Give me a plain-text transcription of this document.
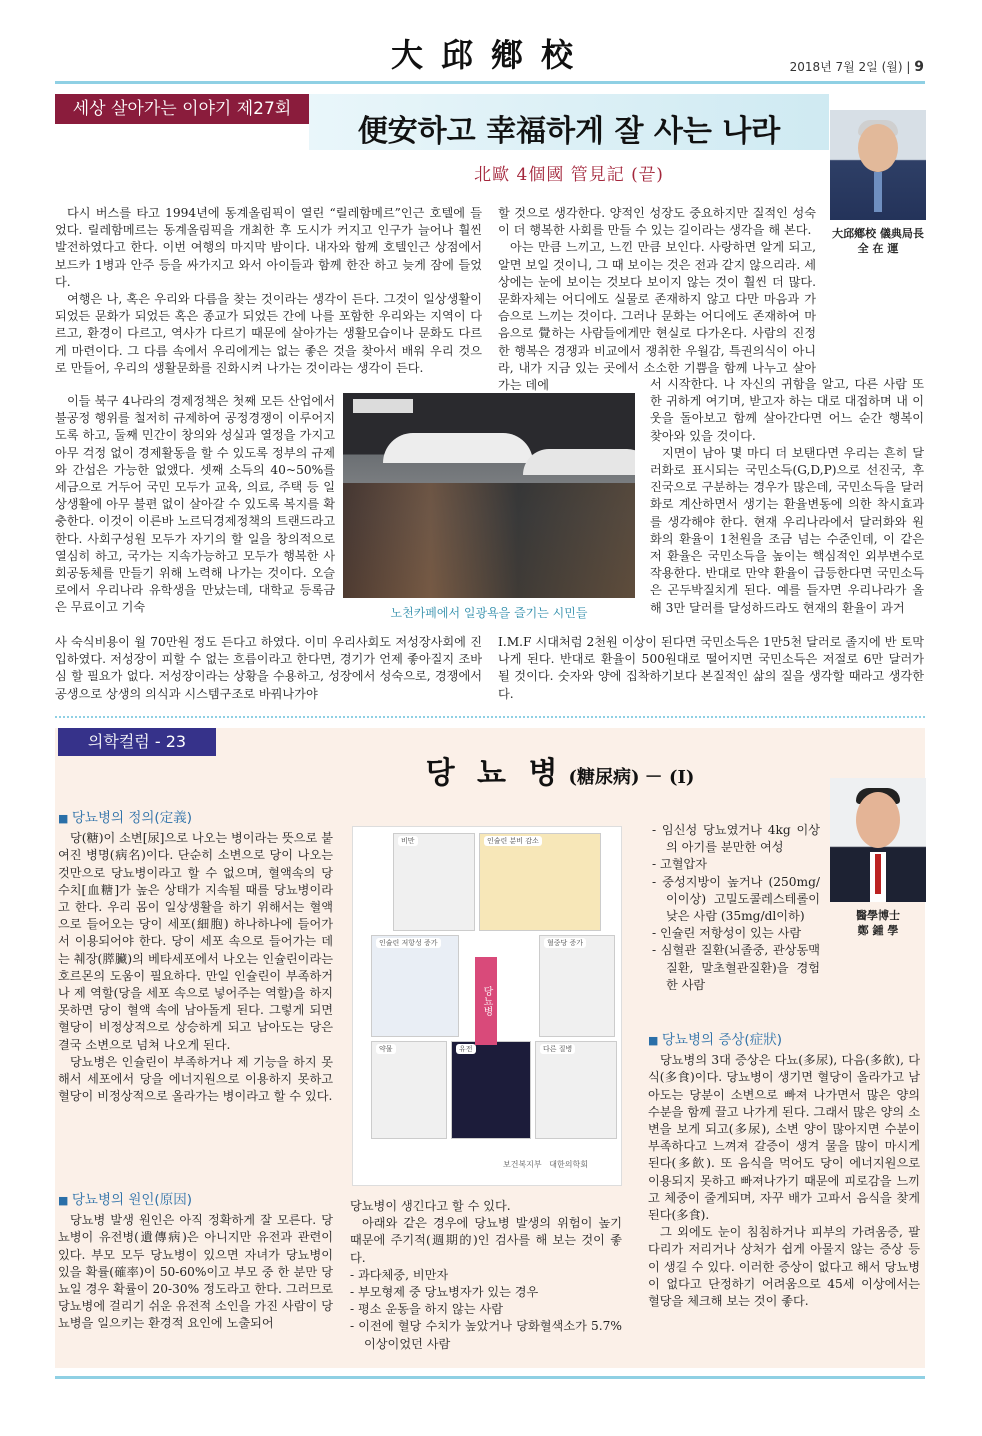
大邱鄕校	2018년 7월 2일 (월) | 9
세상 살아가는 이야기 제27회
便安하고 幸福하게 잘 사는 나라
北歐 4個國 管見記 (끝)
大邱鄕校 儀典局長
全 在 運

다시 버스를 타고 1994년에 동계올림픽이 열린 “릴레함메르”인근 호텔에 들었다. 릴레함메르는 동계올림픽을 개최한 후 도시가 커지고 인구가 늘어나 훨씬 발전하였다고 한다. 이번 여행의 마지막 밤이다. 내자와 함께 호텔인근 상점에서 보드카 1병과 안주 등을 싸가지고 와서 아이들과 함께 한잔 하고 늦게 잠에 들었다.

여행은 나, 혹은 우리와 다름을 찾는 것이라는 생각이 든다. 그것이 일상생활이 되었든 문화가 되었든 혹은 종교가 되었든 간에 나를 포함한 우리와는 지역이 다르고, 환경이 다르고, 역사가 다르기 때문에 살아가는 생활모습이나 문화도 다르게 마련이다. 그 다름 속에서 우리에게는 없는 좋은 것을 찾아서 배워 우리 것으로 만들어, 우리의 생활문화를 진화시켜 나가는 것이라는 생각이 든다.

이들 북구 4나라의 경제정책은 첫째 모든 산업에서 불공정 행위를 철저히 규제하여 공정경쟁이 이루어지도록 하고, 둘째 민간이 창의와 성실과 열정을 가지고 아무 걱정 없이 경제활동을 할 수 있도록 정부의 규제와 간섭은 가능한 없앴다. 셋째 소득의 40~50%를 세금으로 거두어 국민 모두가 교육, 의료, 주택 등 일상생활에 아무 불편 없이 살아갈 수 있도록 복지를 확충한다. 이것이 이른바 노르딕경제정책의 트랜드라고 한다. 사회구성원 모두가 자기의 할 일을 창의적으로 열심히 하고, 국가는 지속가능하고 모두가 행복한 사회공동체를 만들기 위해 노력해 나가는 것이다. 오슬로에서 우리나라 유학생을 만났는데, 대학교 등록금은 무료이고 기숙

사 숙식비용이 월 70만원 정도 든다고 하였다. 이미 우리사회도 저성장사회에 진입하였다. 저성장이 피할 수 없는 흐름이라고 한다면, 경기가 언제 좋아질지 조바심 할 필요가 없다. 저성장이라는 상황을 수용하고, 성장에서 성숙으로, 경쟁에서 공생으로 상생의 의식과 시스템구조로 바꿔나가야

할 것으로 생각한다. 양적인 성장도 중요하지만 질적인 성숙이 더 행복한 사회를 만들 수 있는 길이라는 생각을 해 본다.

아는 만큼 느끼고, 느낀 만큼 보인다. 사랑하면 알게 되고, 알면 보일 것이니, 그 때 보이는 것은 전과 같지 않으리라. 세상에는 눈에 보이는 것보다 보이지 않는 것이 훨씬 더 많다. 문화자체는 어디에도 실물로 존재하지 않고 다만 마음과 가슴으로 느끼는 것이다. 그러나 문화는 어디에도 존재하여 마음으로 覺하는 사람들에게만 현실로 다가온다. 사람의 진정한 행복은 경쟁과 비교에서 쟁취한 우월감, 특권의식이 아니라, 내가 지금 있는 곳에서 소소한 기쁨을 함께 나누고 살아가는 데에	서 시작한다. 나 자신의 귀함을 알고, 다른 사람 또한 귀하게 여기며, 받고자 하는 대로 대접하며 내 이웃을 돌아보고 함께 살아간다면 어느 순간 행복이 찾아와 있을 것이다.

지면이 남아 몇 마디 더 보탠다면 우리는 흔히 달러화로 표시되는 국민소득(G,D,P)으로 선진국, 후진국으로 구분하는 경우가 많은데, 국민소득을 달러화로 계산하면서 생기는 환율변동에 의한 착시효과를 생각해야 한다. 현재 우리나라에서 달러화와 원화의 환율이 1천원을 조금 넘는 수준인데, 이 같은 저 환율은 국민소득을 높이는 핵심적인 외부변수로 작용한다. 반대로 만약 환율이 급등한다면 국민소득은 곤두박질치게 된다. 예를 들자면 우리나라가 올해 3만 달러를 달성하드라도 현재의 환율이 과거

I.M.F 시대처럼 2천원 이상이 된다면 국민소득은 1만5천 달러로 졸지에 반 토막 나게 된다. 반대로 환율이 500원대로 떨어지면 국민소득은 저절로 6만 달러가 될 것이다. 숫자와 양에 집착하기보다 본질적인 삶의 질을 생각할 때라고 생각한다.

노천카페에서 일광욕을 즐기는 시민들
의학컬럼 - 23
당 뇨 병 (糖尿病) － (Ⅰ)
醫學博士
鄭 鍾 學
■ 당뇨병의 정의(定義)

당(糖)이 소변[尿]으로 나오는 병이라는 뜻으로 붙여진 병명(病名)이다. 단순히 소변으로 당이 나오는 것만으로 당뇨병이라고 할 수 없으며, 혈액속의 당 수치[血糖]가 높은 상태가 지속될 때를 당뇨병이라고 한다. 우리 몸이 일상생활을 하기 위해서는 혈액으로 들어오는 당이 세포(細胞) 하나하나에 들어가서 이용되어야 한다. 당이 세포 속으로 들어가는 데는 췌장(膵臟)의 베타세포에서 나오는 인슐린이라는 호르몬의 도움이 필요하다. 만일 인슐린이 부족하거나 제 역할(당을 세포 속으로 넣어주는 역할)을 하지 못하면 당이 혈액 속에 남아돌게 된다. 그렇게 되면 혈당이 비정상적으로 상승하게 되고 남아도는 당은 결국 소변으로 넘쳐 나오게 된다.

당뇨병은 인슐린이 부족하거나 제 기능을 하지 못해서 세포에서 당을 에너지원으로 이용하지 못하고 혈당이 비정상적으로 올라가는 병이라고 할 수 있다.

■ 당뇨병의 원인(原因)

당뇨병 발생 원인은 아직 정확하게 잘 모른다. 당뇨병이 유전병(遺傳病)은 아니지만 유전과 관련이 있다. 부모 모두 당뇨병이 있으면 자녀가 당뇨병이 있을 확률(確率)이 50-60%이고 부모 중 한 분만 당뇨일 경우 확률이 20-30% 정도라고 한다. 그러므로 당뇨병에 걸리기 쉬운 유전적 소인을 가진 사람이 당뇨병을 일으키는 환경적 요인에 노출되어

비만	인슐린 분비 감소
인슐린 저항성 증가	혈중당 증가
약물	유전	다른 질병
당뇨병
보건복지부 대한의학회

당뇨병이 생긴다고 할 수 있다.

아래와 같은 경우에 당뇨병 발생의 위험이 높기 때문에 주기적(週期的)인 검사를 해 보는 것이 좋다.

- 과다체중, 비만자
- 부모형제 중 당뇨병자가 있는 경우
- 평소 운동을 하지 않는 사람
- 이전에 혈당 수치가 높았거나 당화혈색소가 5.7% 이상이었던 사람
- 임신성 당뇨였거나 4kg 이상의 아기를 분만한 여성
- 고혈압자
- 중성지방이 높거나 (250mg/이이상) 고밀도콜레스테롤이 낮은 사람 (35mg/dl이하)
- 인슐린 저항성이 있는 사람
- 심혈관 질환(뇌졸중, 관상동맥질환, 말초혈관질환)을 경험한 사람
■ 당뇨병의 증상(症狀)

당뇨병의 3대 증상은 다뇨(多尿), 다음(多飮), 다식(多食)이다. 당뇨병이 생기면 혈당이 올라가고 남아도는 당분이 소변으로 빠져 나가면서 많은 양의 수분을 함께 끌고 나가게 된다. 그래서 많은 양의 소변을 보게 되고(多尿), 소변 양이 많아지면 수분이 부족하다고 느껴져 갈증이 생겨 물을 많이 마시게 된다(多飮). 또 음식을 먹어도 당이 에너지원으로 이용되지 못하고 빠져나가기 때문에 피로감을 느끼고 체중이 줄게되며, 자꾸 배가 고파서 음식을 찾게 된다(多食).

그 외에도 눈이 침침하거나 피부의 가려움증, 팔다리가 저리거나 상처가 쉽게 아물지 않는 증상 등이 생길 수 있다. 이러한 증상이 없다고 해서 당뇨병이 없다고 단정하기 어려움으로 45세 이상에서는 혈당을 체크해 보는 것이 좋다.
